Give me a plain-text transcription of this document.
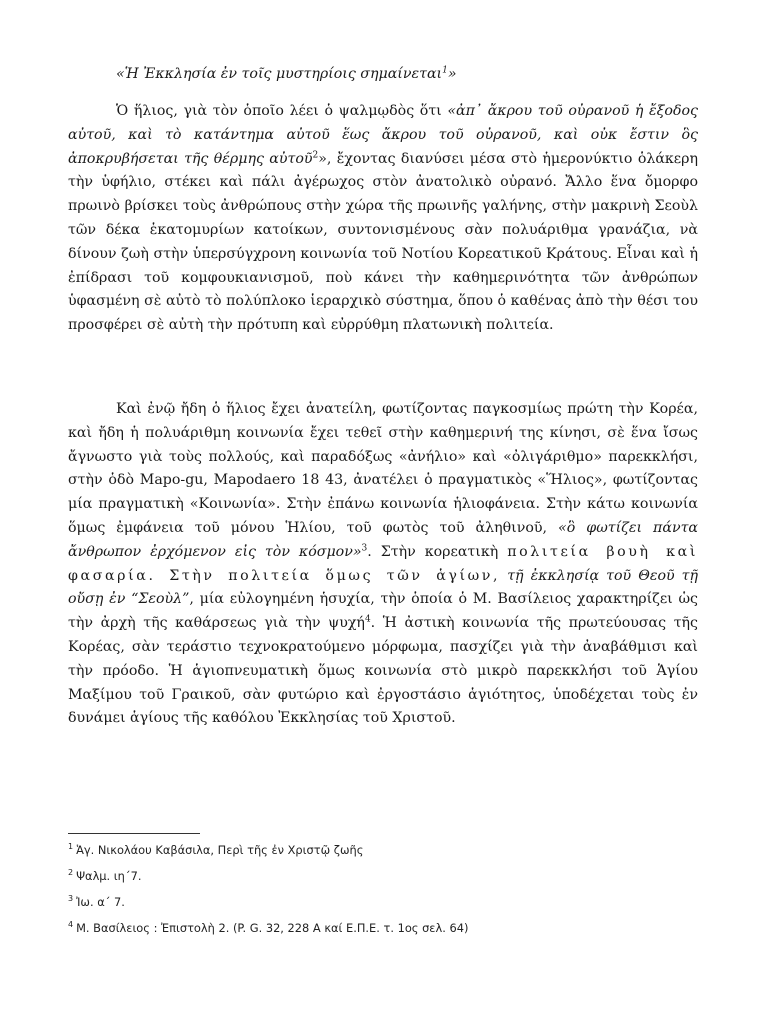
«Ἡ Ἐκκλησία ἐν τοῖς μυστηρίοις σημαίνεται$^1$»

Ὁ ἥλιος, γιὰ τὸν ὁποῖο λέει ὁ ψαλμῳδὸς ὅτι «ἀπ᾽ ἄκρου τοῦ οὐρανοῦ ἡ ἔξοδος αὐτοῦ, καὶ τὸ κατάντημα αὐτοῦ ἕως ἄκρου τοῦ οὐρανοῦ, καὶ οὐκ ἔστιν ὃς ἀποκρυβήσεται τῆς θέρμης αὐτοῦ$^2$», ἔχοντας διανύσει μέσα στὸ ἡμερονύκτιο ὁλάκερη τὴν ὑφήλιο, στέκει καὶ πάλι ἀγέρωχος στὸν ἀνατολικὸ οὐρανό. Ἄλλο ἕνα ὄμορφο πρωινὸ βρίσκει τοὺς ἀνθρώπους στὴν χώρα τῆς πρωινῆς γαλήνης, στὴν μακρινὴ Σεοὺλ τῶν δέκα ἑκατομυρίων κατοίκων, συντονισμένους σὰν πολυάριθμα γρανάζια, νὰ δίνουν ζωὴ στὴν ὑπερσύγχρονη κοινωνία τοῦ Νοτίου Κορεατικοῦ Κράτους. Εἶναι καὶ ἡ ἐπίδρασι τοῦ κομφουκιανισμοῦ, ποὺ κάνει τὴν καθημερινότητα τῶν ἀνθρώπων ὑφασμένη σὲ αὐτὸ τὸ πολύπλοκο ἱεραρχικὸ σύστημα, ὅπου ὁ καθένας ἀπὸ τὴν θέσι του προσφέρει σὲ αὐτὴ τὴν πρότυπη καὶ εὐρρύθμη πλατωνικὴ πολιτεία.

Καὶ ἐνῷ ἤδη ὁ ἥλιος ἔχει ἀνατείλη, φωτίζοντας παγκοσμίως πρώτη τὴν Κορέα, καὶ ἤδη ἡ πολυάριθμη κοινωνία ἔχει τεθεῖ στὴν καθημερινή της κίνησι, σὲ ἕνα ἴσως ἄγνωστο γιὰ τοὺς πολλούς, καὶ παραδόξως «ἀνήλιο» καὶ «ὀλιγάριθμο» παρεκκλήσι, στὴν ὁδὸ Mapo-gu, Mapodaero 18 43, ἀνατέλει ὁ πραγματικὸς «Ἥλιος», φωτίζοντας μία πραγματικὴ «Κοινωνία». Στὴν ἐπάνω κοινωνία ἡλιοφάνεια. Στὴν κάτω κοινωνία ὅμως ἐμφάνεια τοῦ μόνου Ἡλίου, τοῦ φωτὸς τοῦ ἀληθινοῦ, «ὃ φωτίζει πάντα ἄνθρωπον ἐρχόμενον εἰς τὸν κόσμον»$^3$. Στὴν κορεατικὴ πολιτεία βουὴ καὶ φασαρία. Στὴν πολιτεία ὅμως τῶν ἁγίων, τῇ ἐκκλησίᾳ τοῦ Θεοῦ τῇ οὔσῃ ἐν “Σεοὺλ”, μία εὐλογημένη ἡσυχία, τὴν ὁποία ὁ Μ. Βασίλειος χαρακτηρίζει ὡς τὴν ἀρχὴ τῆς καθάρσεως γιὰ τὴν ψυχή$^4$. Ἡ ἀστικὴ κοινωνία τῆς πρωτεύουσας τῆς Κορέας, σὰν τεράστιο τεχνοκρατούμενο μόρφωμα, πασχίζει γιὰ τὴν ἀναβάθμισι καὶ τὴν πρόοδο. Ἡ ἁγιοπνευματικὴ ὅμως κοινωνία στὸ μικρὸ παρεκκλήσι τοῦ Ἁγίου Μαξίμου τοῦ Γραικοῦ, σὰν φυτώριο καὶ ἐργοστάσιο ἁγιότητος, ὑποδέχεται τοὺς ἐν δυνάμει ἁγίους τῆς καθόλου Ἐκκλησίας τοῦ Χριστοῦ.

$^1$ Ἁγ. Νικολάου Καβάσιλα, Περὶ τῆς ἐν Χριστῷ ζωῆς

$^2$ Ψαλμ. ιη΄7.

$^3$ Ἰω. α΄ 7.

$^4$ Μ. Βασίλειος : Ἐπιστολὴ 2. (P. G. 32, 228 A καί Ε.Π.Ε. τ. 1ος σελ. 64)
